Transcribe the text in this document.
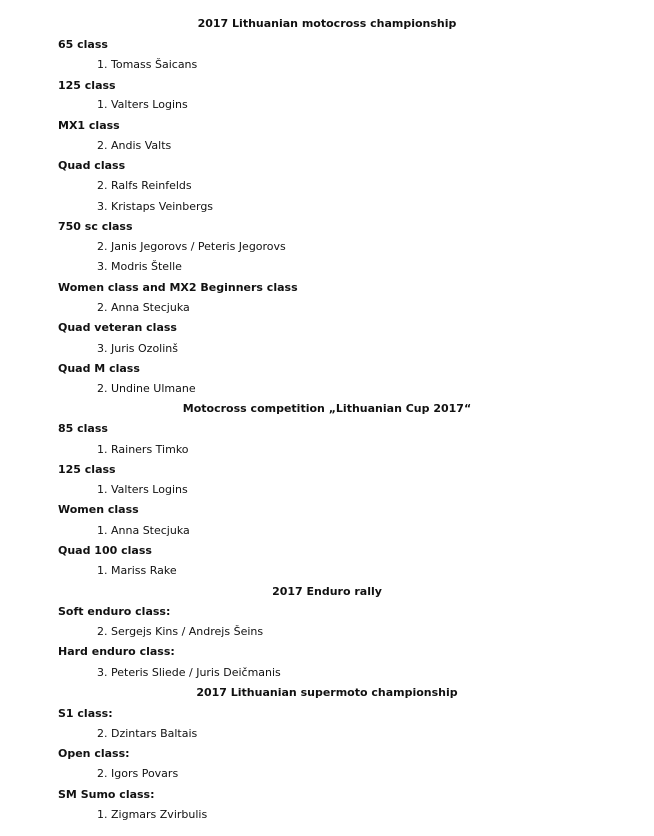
2017 Lithuanian motocross championship
65 class
1. Tomass Šaicans
125 class
1. Valters Logins
MX1 class
2. Andis Valts
Quad class
2. Ralfs Reinfelds
3. Kristaps Veinbergs
750 sc class
2. Janis Jegorovs / Peteris Jegorovs
3. Modris Štelle
Women class and MX2 Beginners class
2. Anna Stecjuka
Quad veteran class
3. Juris Ozolinš
Quad M class
2. Undine Ulmane
Motocross competition „Lithuanian Cup 2017“
85 class
1. Rainers Timko
125 class
1. Valters Logins
Women class
1. Anna Stecjuka
Quad 100 class
1. Mariss Rake
2017 Enduro rally
Soft enduro class:
2. Sergejs Kins / Andrejs Šeins
Hard enduro class:
3. Peteris Sliede / Juris Deičmanis
2017 Lithuanian supermoto championship
S1 class:
2. Dzintars Baltais
Open class:
2. Igors Povars
SM Sumo class:
1. Zigmars Zvirbulis
